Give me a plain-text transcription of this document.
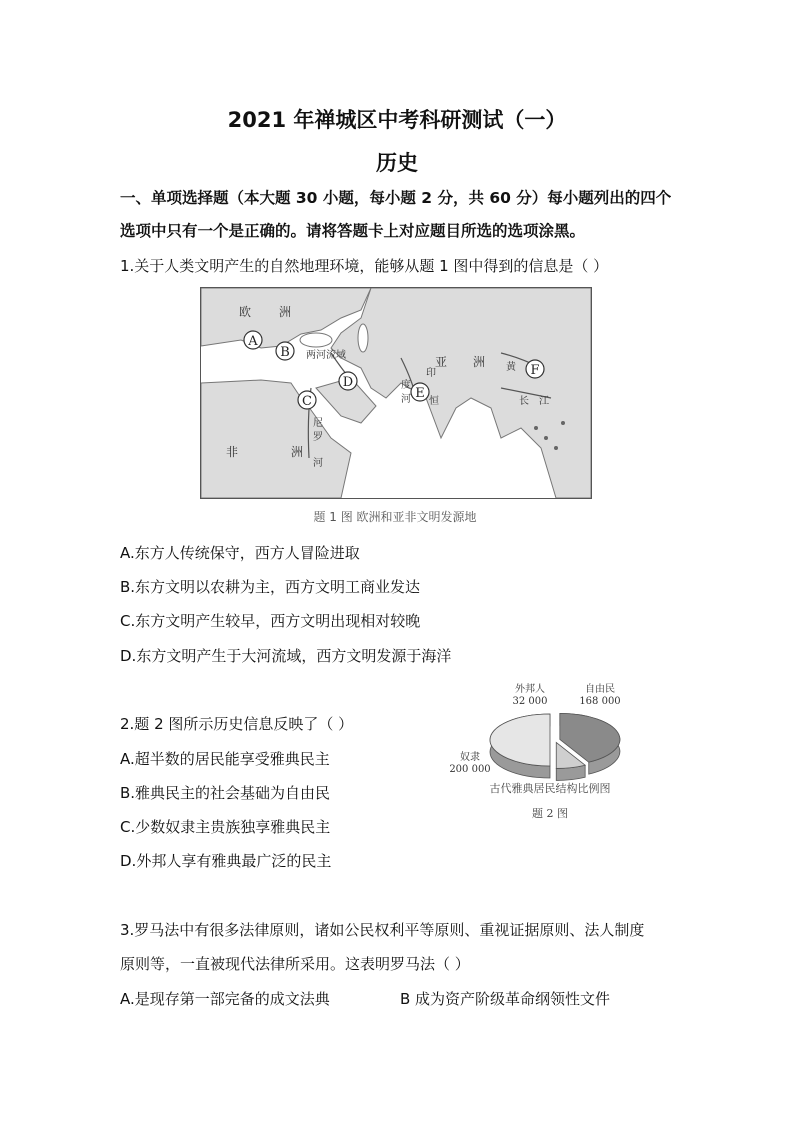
2021 年禅城区中考科研测试（一）
历史
一、单项选择题（本大题 30 小题，每小题 2 分，共 60 分）每小题列出的四个
选项中只有一个是正确的。请将答题卡上对应题目所选的选项涂黑。
1.关于人类文明产生的自然地理环境，能够从题 1 图中得到的信息是（ ）
欧 洲
亚 洲
非	洲
两河流域
印
度
河 恒
尼
罗
河
黄
长 江
A
B
C
D
E
F
题 1 图 欧洲和亚非文明发源地
A.东方人传统保守，西方人冒险进取
B.东方文明以农耕为主，西方文明工商业发达
C.东方文明产生较早，西方文明出现相对较晚
D.东方文明产生于大河流域，西方文明发源于海洋
2.题 2 图所示历史信息反映了（ ）
A.超半数的居民能享受雅典民主
B.雅典民主的社会基础为自由民
C.少数奴隶主贵族独享雅典民主
D.外邦人享有雅典最广泛的民主
外邦人
32 000
自由民
168 000
奴隶
200 000
古代雅典居民结构比例图
题 2 图
3.罗马法中有很多法律原则，诸如公民权利平等原则、重视证据原则、法人制度
原则等，一直被现代法律所采用。这表明罗马法（ ）
A.是现存第一部完备的成文法典	B 成为资产阶级革命纲领性文件
